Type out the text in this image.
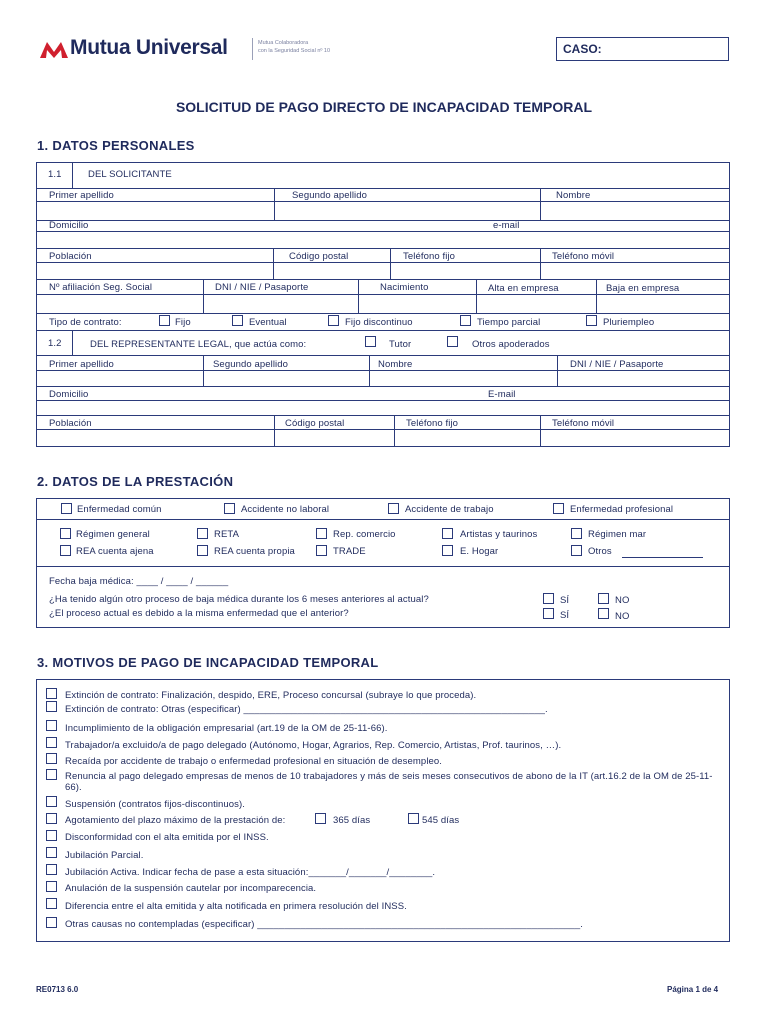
Mutua Universal	Mutua Colaboradora
con la Seguridad Social nº 10	CASO:
SOLICITUD DE PAGO DIRECTO DE INCAPACIDAD TEMPORAL
1. DATOS PERSONALES
1.1	DEL SOLICITANTE
Primer apellido	Segundo apellido	Nombre
Domicilio	e-mail
Población	Código postal	Teléfono fijo	Teléfono móvil
Nº afiliación Seg. Social	DNI / NIE / Pasaporte	Nacimiento	Alta en empresa	Baja en empresa
Tipo de contrato:	Fijo	Eventual	Fijo discontinuo	Tiempo parcial	Pluriempleo
1.2	DEL REPRESENTANTE LEGAL, que actúa como:	Tutor	Otros apoderados
Primer apellido	Segundo apellido	Nombre	DNI / NIE / Pasaporte
Domicilio	E-mail
Población	Código postal	Teléfono fijo	Teléfono móvil
2. DATOS DE LA PRESTACIÓN
Enfermedad común	Accidente no laboral	Accidente de trabajo	Enfermedad profesional
Régimen general	RETA	Rep. comercio	Artistas y taurinos	Régimen mar
REA cuenta ajena	REA cuenta propia	TRADE	E. Hogar	Otros
Fecha baja médica: ____ / ____ / ______
¿Ha tenido algún otro proceso de baja médica durante los 6 meses anteriores al actual?
¿El proceso actual es debido a la misma enfermedad que el anterior?
SÍ	NO
SÍ	NO
3. MOTIVOS DE PAGO DE INCAPACIDAD TEMPORAL
Extinción de contrato: Finalización, despido, ERE, Proceso concursal (subraye lo que proceda).
Extinción de contrato: Otras (especificar) ________________________________________________________.
Incumplimiento de la obligación empresarial (art.19 de la OM de 25-11-66).
Trabajador/a excluido/a de pago delegado (Autónomo, Hogar, Agrarios, Rep. Comercio, Artistas, Prof. taurinos, …).
Recaída por accidente de trabajo o enfermedad profesional en situación de desempleo.
Renuncia al pago delegado empresas de menos de 10 trabajadores y más de seis meses consecutivos de abono de la IT (art.16.2 de la OM de 25-11-66).
Suspensión (contratos fijos-discontinuos).
Agotamiento del plazo máximo de la prestación de:	365 días	545 días
Disconformidad con el alta emitida por el INSS.
Jubilación Parcial.
Jubilación Activa. Indicar fecha de pase a esta situación:_______/_______/________.
Anulación de la suspensión cautelar por incomparecencia.
Diferencia entre el alta emitida y alta notificada en primera resolución del INSS.
Otras causas no contempladas (especificar) ____________________________________________________________.
RE0713 6.0	Página 1 de 4
